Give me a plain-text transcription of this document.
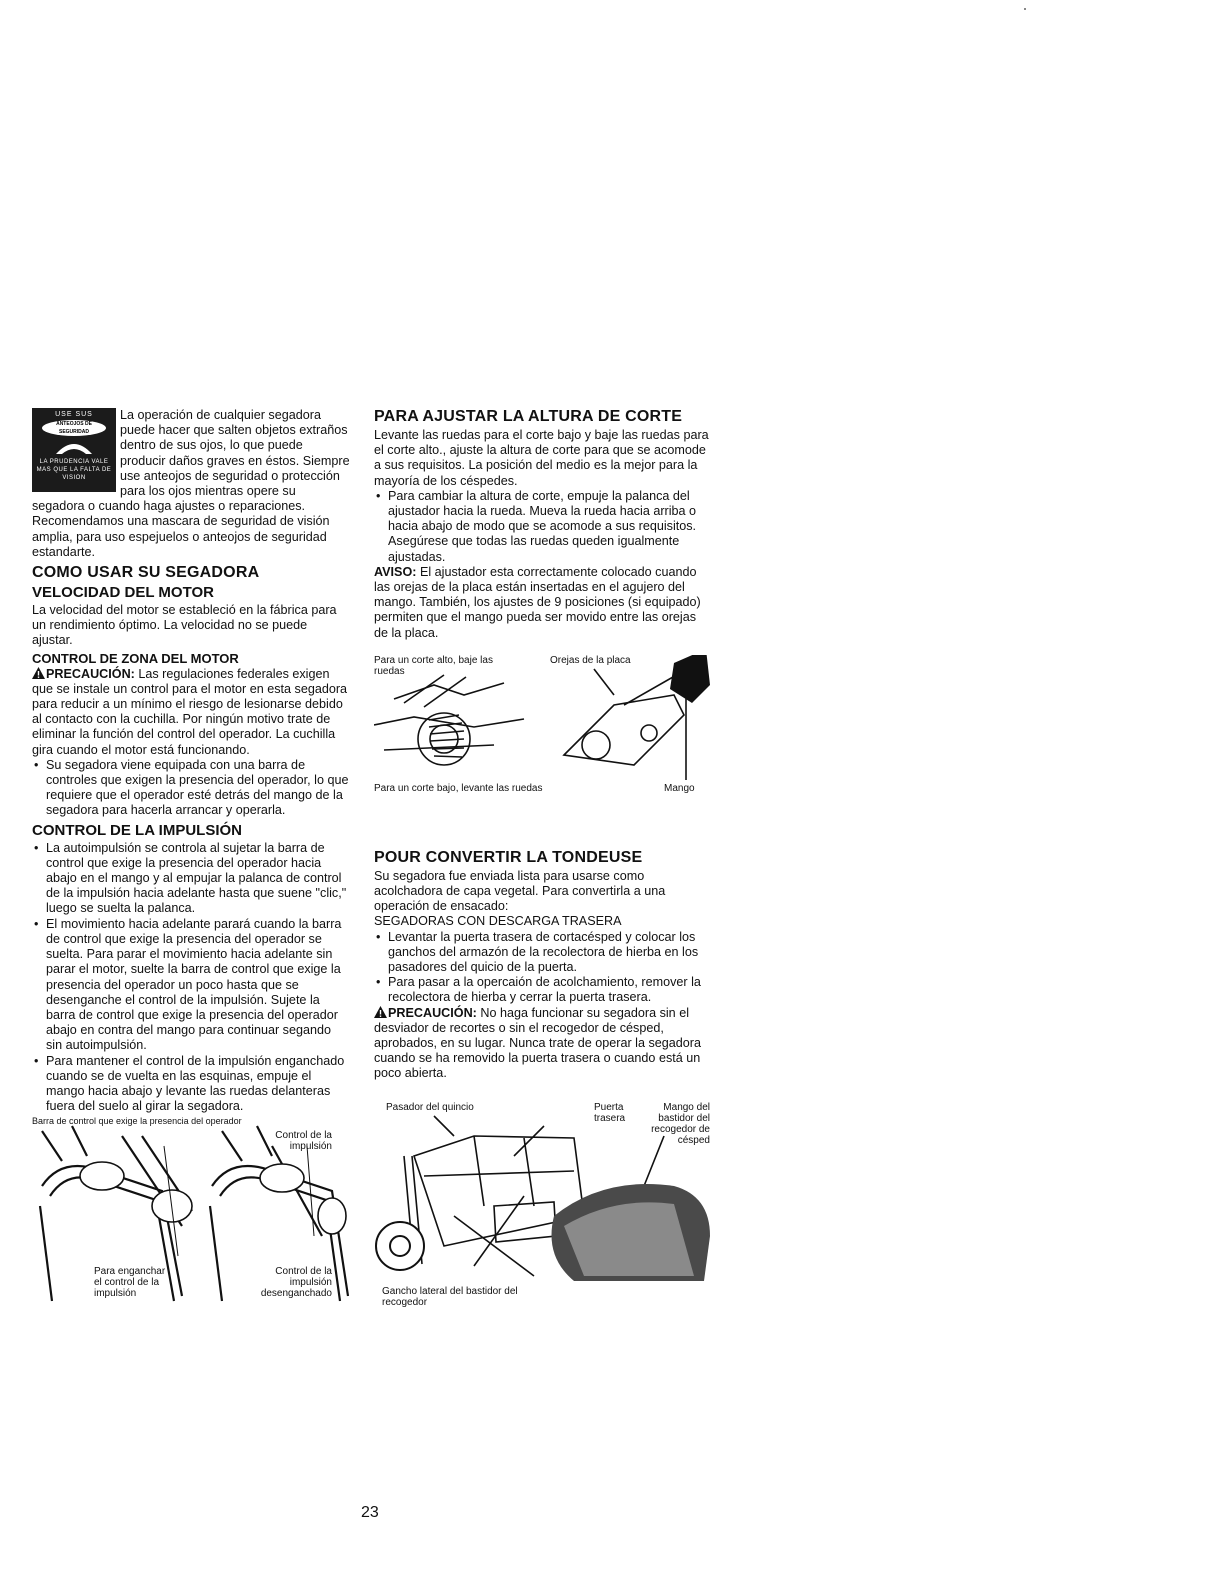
USE SUS
ANTEOJOS DE SEGURIDAD
LA PRUDENCIA VALE MAS QUE LA FALTA DE VISION

La operación de cualquier segadora puede hacer que salten objetos extraños dentro de sus ojos, lo que puede producir daños graves en éstos. Siempre use anteojos de seguridad o protección para los ojos mientras opere su segadora o cuando haga ajustes o reparaciones. Recomendamos una mascara de seguridad de visión amplia, para uso espejuelos o anteojos de seguridad estandarte.

COMO USAR SU SEGADORA
VELOCIDAD DEL MOTOR

La velocidad del motor se estableció en la fábrica para un rendimiento óptimo. La velocidad no se puede ajustar.

CONTROL DE ZONA DEL MOTOR

PRECAUCIÓN: Las regulaciones federales exigen que se instale un control para el motor en esta segadora para reducir a un mínimo el riesgo de lesionarse debido al contacto con la cuchilla. Por ningún motivo trate de eliminar la función del control del operador. La cuchilla gira cuando el motor está funcionando.

• Su segadora viene equipada con una barra de controles que exigen la presencia del operador, lo que requiere que el operador esté detrás del mango de la segadora para hacerla arrancar y operarla.
CONTROL DE LA IMPULSIÓN
• La autoimpulsión se controla al sujetar la barra de control que exige la presencia del operador hacia abajo en el mango y al empujar la palanca de control de la impulsión hacia adelante hasta que suene "clic," luego se suelta la palanca.
• El movimiento hacia adelante parará cuando la barra de control que exige la presencia del operador se suelta. Para parar el movimiento hacia adelante sin parar el motor, suelte la barra de control que exige la presencia del operador un poco hasta que se desenganche el control de la impulsión. Sujete la barra de control que exige la presencia del operador abajo en contra del mango para continuar segando sin autoimpulsión.
• Para mantener el control de la impulsión enganchado cuando se de vuelta en las esquinas, empuje el mango hacia abajo y levante las ruedas delanteras fuera del suelo al girar la segadora.
Barra de control que exige la presencia del operador
Control de la impulsión
Para enganchar el control de la impulsión
Control de la impulsión desenganchado
PARA AJUSTAR LA ALTURA DE CORTE

Levante las ruedas para el corte bajo y baje las ruedas para el corte alto., ajuste la altura de corte para que se acomode a sus requisitos. La posición del medio es la mejor para la mayoría de los céspedes.

• Para cambiar la altura de corte, empuje la palanca del ajustador hacia la rueda. Mueva la rueda hacia arriba o hacia abajo de modo que se acomode a sus requisitos. Asegúrese que todas las ruedas queden igualmente ajustadas.

AVISO: El ajustador esta correctamente colocado cuando las orejas de la placa están insertadas en el agujero del mango. También, los ajustes de 9 posiciones (si equipado) permiten que el mango pueda ser movido entre las orejas de la placa.

Para un corte alto, baje las ruedas
Orejas de la placa
Para un corte bajo, levante las ruedas	Mango
POUR CONVERTIR LA TONDEUSE

Su segadora fue enviada lista para usarse como acolchadora de capa vegetal. Para convertirla a una operación de ensacado:

SEGADORAS CON DESCARGA TRASERA

• Levantar la puerta trasera de cortacésped y colocar los ganchos del armazón de la recolectora de hierba en los pasadores del quicio de la puerta.
• Para pasar a la opercaión de acolchamiento, remover la recolectora de hierba y cerrar la puerta trasera.

PRECAUCIÓN: No haga funcionar su segadora sin el desviador de recortes o sin el recogedor de césped, aprobados, en su lugar. Nunca trate de operar la segadora cuando se ha removido la puerta trasera o cuando está un poco abierta.

Pasador del quincio	Puerta trasera
Mango del bastidor del recogedor de césped
Gancho lateral del bastidor del recogedor
23
